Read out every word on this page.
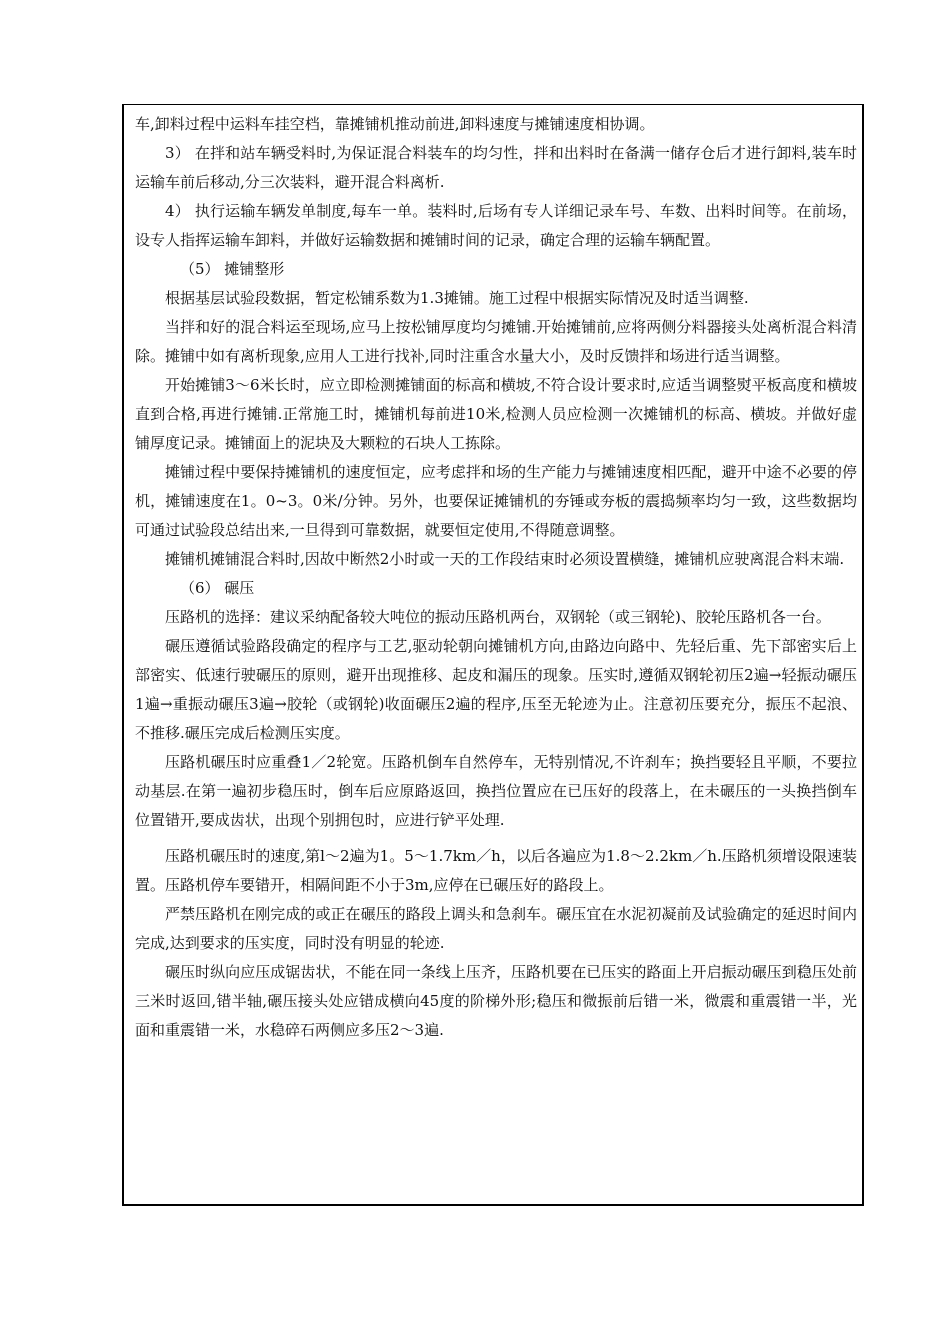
车,卸料过程中运料车挂空档，靠摊铺机推动前进,卸料速度与摊铺速度相协调。

3） 在拌和站车辆受料时,为保证混合料装车的均匀性，拌和出料时在备满一储存仓后才进行卸料,装车时运输车前后移动,分三次装料，避开混合料离析.

4） 执行运输车辆发单制度,每车一单。装料时,后场有专人详细记录车号、车数、出料时间等。在前场，设专人指挥运输车卸料，并做好运输数据和摊铺时间的记录，确定合理的运输车辆配置。

（5） 摊铺整形

根据基层试验段数据，暂定松铺系数为1.3摊铺。施工过程中根据实际情况及时适当调整.

当拌和好的混合料运至现场,应马上按松铺厚度均匀摊铺.开始摊铺前,应将两侧分料器接头处离析混合料清除。摊铺中如有离析现象,应用人工进行找补,同时注重含水量大小，及时反馈拌和场进行适当调整。

开始摊铺3～6米长时，应立即检测摊铺面的标高和横坡,不符合设计要求时,应适当调整熨平板高度和横坡直到合格,再进行摊铺.正常施工时，摊铺机每前进10米,检测人员应检测一次摊铺机的标高、横坡。并做好虚铺厚度记录。摊铺面上的泥块及大颗粒的石块人工拣除。

摊铺过程中要保持摊铺机的速度恒定，应考虑拌和场的生产能力与摊铺速度相匹配，避开中途不必要的停机，摊铺速度在1。0~3。0米/分钟。另外，也要保证摊铺机的夯锤或夯板的震捣频率均匀一致，这些数据均可通过试验段总结出来,一旦得到可靠数据，就要恒定使用,不得随意调整。

摊铺机摊铺混合料时,因故中断然2小时或一天的工作段结束时必须设置横缝，摊铺机应驶离混合料末端.

（6） 碾压

压路机的选择：建议采纳配备较大吨位的振动压路机两台，双钢轮（或三钢轮)、胶轮压路机各一台。

碾压遵循试验路段确定的程序与工艺,驱动轮朝向摊铺机方向,由路边向路中、先轻后重、先下部密实后上部密实、低速行驶碾压的原则，避开出现推移、起皮和漏压的现象。压实时,遵循双钢轮初压2遍→轻振动碾压1遍→重振动碾压3遍→胶轮（或钢轮)收面碾压2遍的程序,压至无轮迹为止。注意初压要充分，振压不起浪、不推移.碾压完成后检测压实度。

压路机碾压时应重叠1／2轮宽。压路机倒车自然停车，无特别情况,不许刹车；换挡要轻且平顺，不要拉动基层.在第一遍初步稳压时，倒车后应原路返回，换挡位置应在已压好的段落上，在未碾压的一头换挡倒车位置错开,要成齿状，出现个别拥包时，应进行铲平处理.

压路机碾压时的速度,第l～2遍为1。5～1.7km／h，以后各遍应为1.8～2.2km／h.压路机须增设限速装置。压路机停车要错开，相隔间距不小于3m,应停在已碾压好的路段上。

严禁压路机在刚完成的或正在碾压的路段上调头和急刹车。碾压宜在水泥初凝前及试验确定的延迟时间内完成,达到要求的压实度，同时没有明显的轮迹.

碾压时纵向应压成锯齿状，不能在同一条线上压齐，压路机要在已压实的路面上开启振动碾压到稳压处前三米时返回,错半轴,碾压接头处应错成横向45度的阶梯外形;稳压和微振前后错一米，微震和重震错一半，光面和重震错一米，水稳碎石两侧应多压2～3遍.
